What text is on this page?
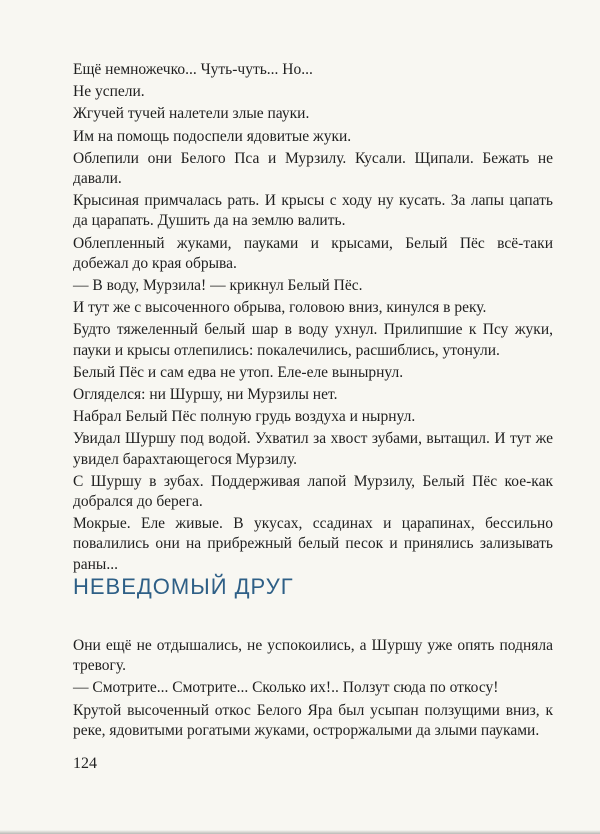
Ещё немножечко... Чуть-чуть... Но...

Не успели.

Жгучей тучей налетели злые пауки.

Им на помощь подоспели ядовитые жуки.

Облепили они Белого Пса и Мурзилу. Кусали. Щипали. Бежать не давали.

Крысиная примчалась рать. И крысы с ходу ну кусать. За лапы цапать да царапать. Душить да на землю валить.

Облепленный жуками, пауками и крысами, Белый Пёс всё-таки добежал до края обрыва.

— В воду, Мурзила! — крикнул Белый Пёс.

И тут же с высоченного обрыва, головою вниз, кинулся в реку.

Будто тяжеленный белый шар в воду ухнул. Прилипшие к Псу жуки, пауки и крысы отлепились: покалечились, расшиблись, утонули.

Белый Пёс и сам едва не утоп. Еле-еле вынырнул.

Огляделся: ни Шуршу, ни Мурзилы нет.

Набрал Белый Пёс полную грудь воздуха и нырнул.

Увидал Шуршу под водой. Ухватил за хвост зубами, вытащил. И тут же увидел барахтающегося Мурзилу.

С Шуршу в зубах. Поддерживая лапой Мурзилу, Белый Пёс кое-как добрался до берега.

Мокрые. Еле живые. В укусах, ссадинах и царапинах, бессильно повалились они на прибрежный белый песок и принялись зализывать раны...

НЕВЕДОМЫЙ ДРУГ

Они ещё не отдышались, не успокоились, а Шуршу уже опять подняла тревогу.

— Смотрите... Смотрите... Сколько их!.. Ползут сюда по откосу!

Крутой высоченный откос Белого Яра был усыпан ползущими вниз, к реке, ядовитыми рогатыми жуками, остроржалыми да злыми пауками.

124
